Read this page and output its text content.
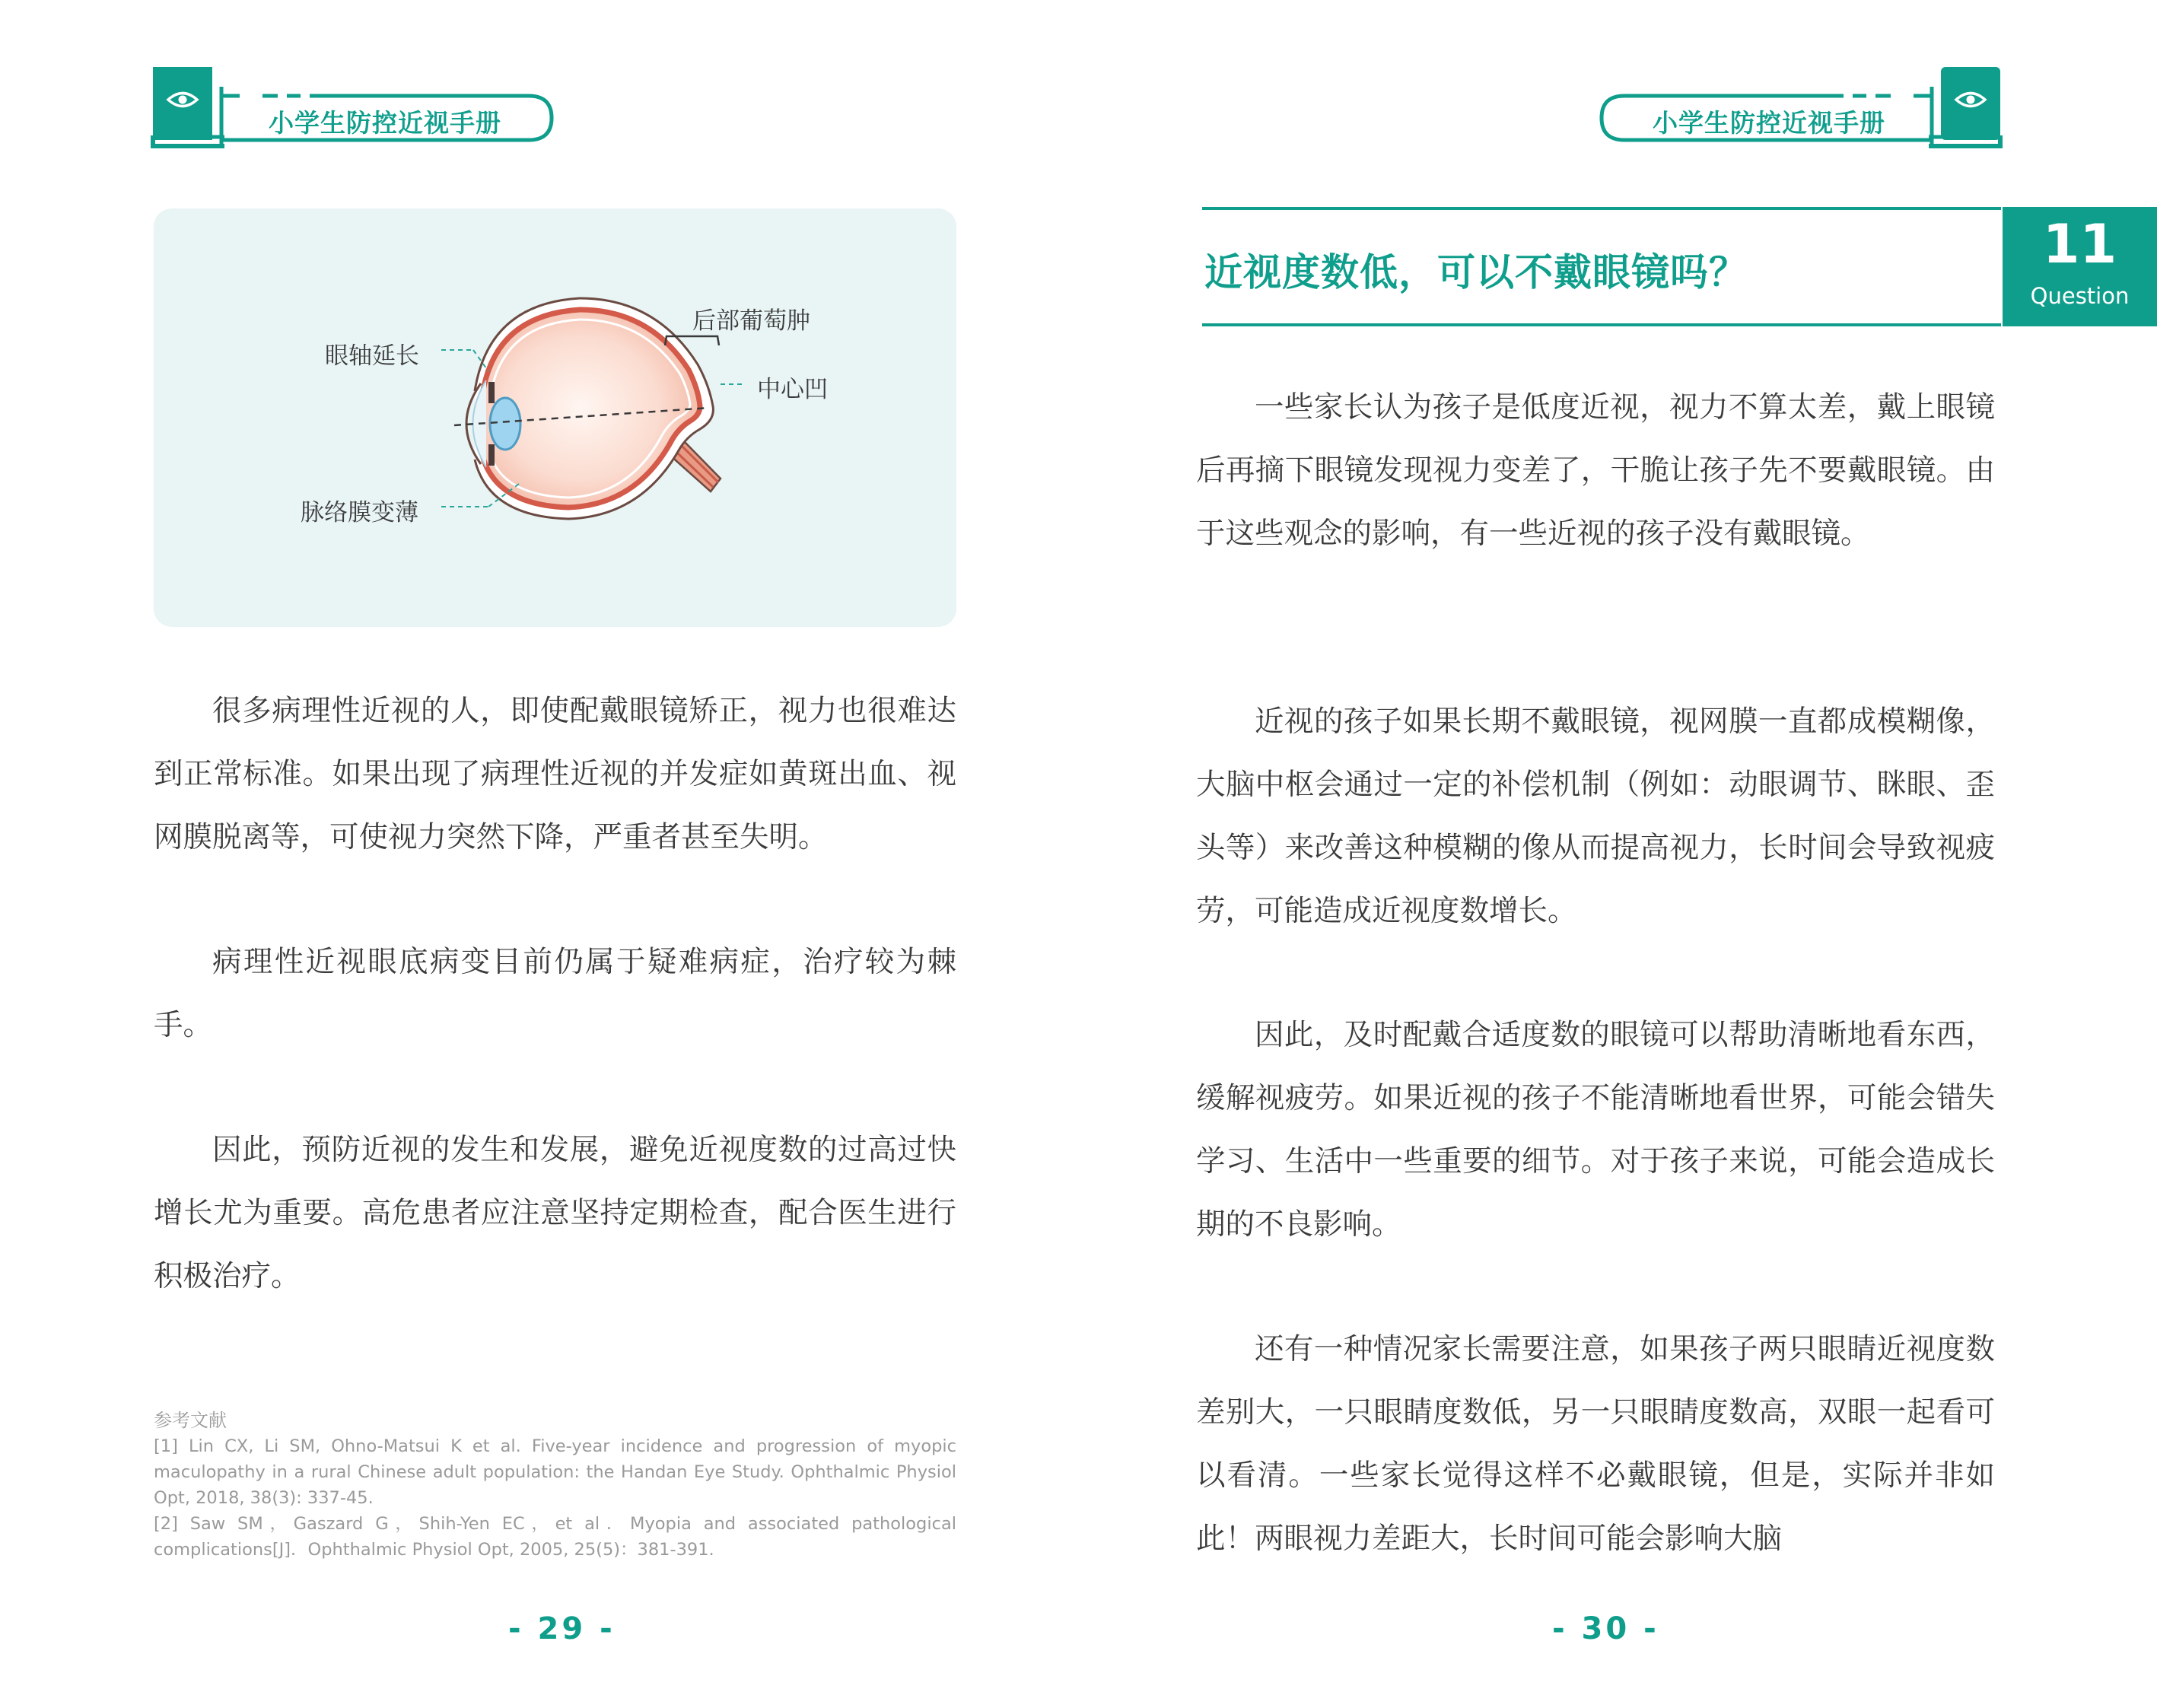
小学生防控近视手册	小学生防控近视手册
眼轴延长
后部葡萄肿
中心凹
脉络膜变薄

很多病理性近视的人，即使配戴眼镜矫正，视力也很难达到正常标准。如果出现了病理性近视的并发症如黄斑出血、视网膜脱离等，可使视力突然下降，严重者甚至失明。

病理性近视眼底病变目前仍属于疑难病症，治疗较为棘手。

因此，预防近视的发生和发展，避免近视度数的过高过快增长尤为重要。高危患者应注意坚持定期检查，配合医生进行积极治疗。

参考文献

[1] Lin CX, Li SM, Ohno-Matsui K et al. Five-year incidence and progression of myopic maculopathy in a rural Chinese adult population: the Handan Eye Study. Ophthalmic Physiol Opt, 2018, 38(3): 337-45.

[2] Saw SM，Gaszard G，Shih-Yen EC，et al．Myopia and associated pathological complications[J]．Ophthalmic Physiol Opt, 2005, 25(5)：381-391.

- 29 -
近视度数低，可以不戴眼镜吗？	11
Question

一些家长认为孩子是低度近视，视力不算太差，戴上眼镜后再摘下眼镜发现视力变差了，干脆让孩子先不要戴眼镜。由于这些观念的影响，有一些近视的孩子没有戴眼镜。

近视的孩子如果长期不戴眼镜，视网膜一直都成模糊像，大脑中枢会通过一定的补偿机制（例如：动眼调节、眯眼、歪头等）来改善这种模糊的像从而提高视力，长时间会导致视疲劳，可能造成近视度数增长。

因此，及时配戴合适度数的眼镜可以帮助清晰地看东西，缓解视疲劳。如果近视的孩子不能清晰地看世界，可能会错失学习、生活中一些重要的细节。对于孩子来说，可能会造成长期的不良影响。

还有一种情况家长需要注意，如果孩子两只眼睛近视度数差别大，一只眼睛度数低，另一只眼睛度数高，双眼一起看可以看清。一些家长觉得这样不必戴眼镜，但是，实际并非如此！两眼视力差距大，长时间可能会影响大脑

- 30 -
